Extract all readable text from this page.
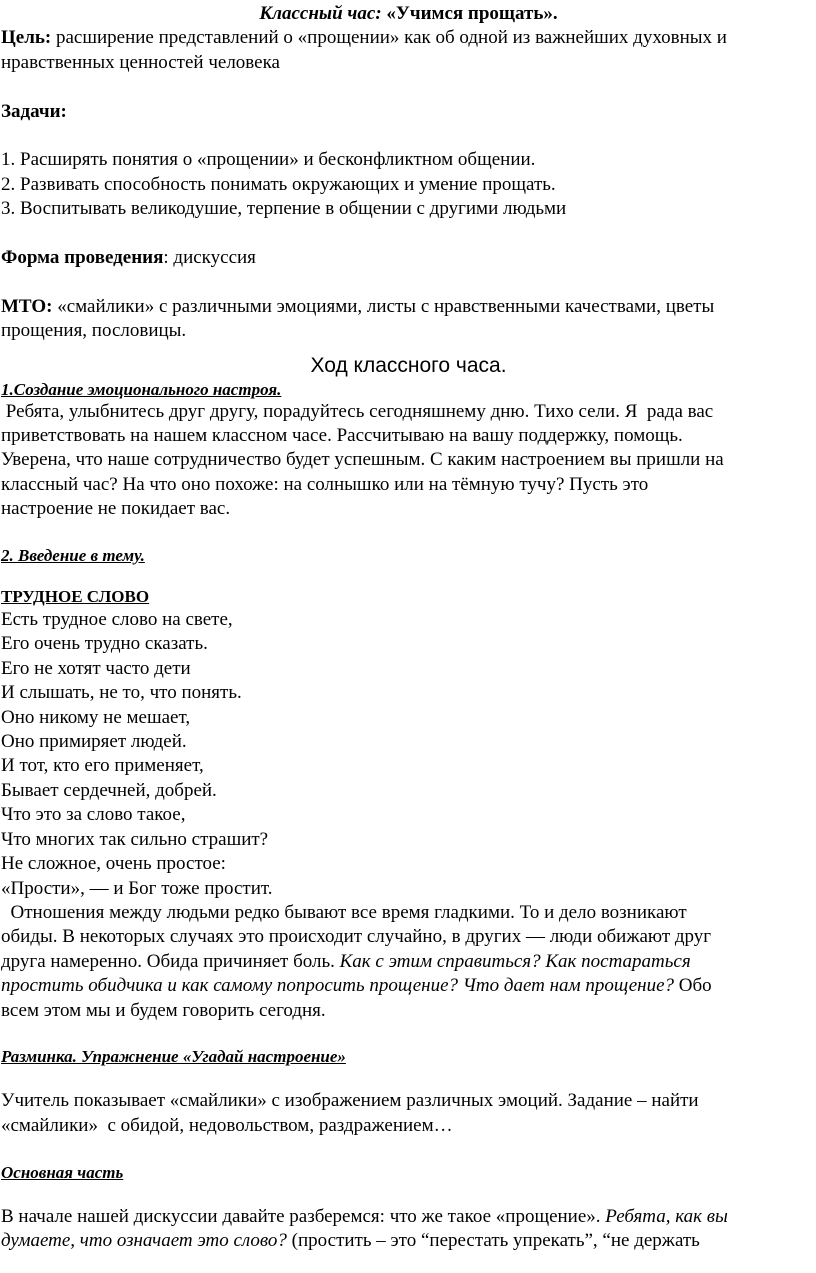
Классный час: «Учимся прощать».

Цель: расширение представлений о «прощении» как об одной из важнейших духовных и

нравственных ценностей человека

Задачи:

1. Расширять понятия о «прощении» и бесконфликтном общении.

2. Развивать способность понимать окружающих и умение прощать.

3. Воспитывать великодушие, терпение в общении с другими людьми

Форма проведения: дискуссия

МТО: «смайлики» с различными эмоциями, листы с нравственными качествами, цветы

прощения, пословицы.

Ход классного часа.

1.Создание эмоционального настроя.

Ребята, улыбнитесь друг другу, порадуйтесь сегодняшнему дню. Тихо сели. Я  рада вас

приветствовать на нашем классном часе. Рассчитываю на вашу поддержку, помощь.

Уверена, что наше сотрудничество будет успешным. С каким настроением вы пришли на

классный час? На что оно похоже: на солнышко или на тёмную тучу? Пусть это

настроение не покидает вас.

2. Введение в тему.

ТРУДНОЕ СЛОВО

Есть трудное слово на свете,

Его очень трудно сказать.

Его не хотят часто дети

И слышать, не то, что понять.

Оно никому не мешает,

Оно примиряет людей.

И тот, кто его применяет,

Бывает сердечней, добрей.

Что это за слово такое,

Что многих так сильно страшит?

Не сложное, очень простое:

«Прости», — и Бог тоже простит.

Отношения между людьми редко бывают все время гладкими. То и дело возникают

обиды. В некоторых случаях это происходит случайно, в других — люди обижают друг

друга намеренно. Обида причиняет боль. Как с этим справиться? Как постараться

простить обидчика и как самому попросить прощение? Что дает нам прощение? Обо

всем этом мы и будем говорить сегодня.

Разминка. Упражнение «Угадай настроение»

Учитель показывает «смайлики» с изображением различных эмоций. Задание – найти

«смайлики»  с обидой, недовольством, раздражением…

Основная часть

В начале нашей дискуссии давайте разберемся: что же такое «прощение». Ребята, как вы

думаете, что означает это слово? (простить – это “перестать упрекать”, “не держать
